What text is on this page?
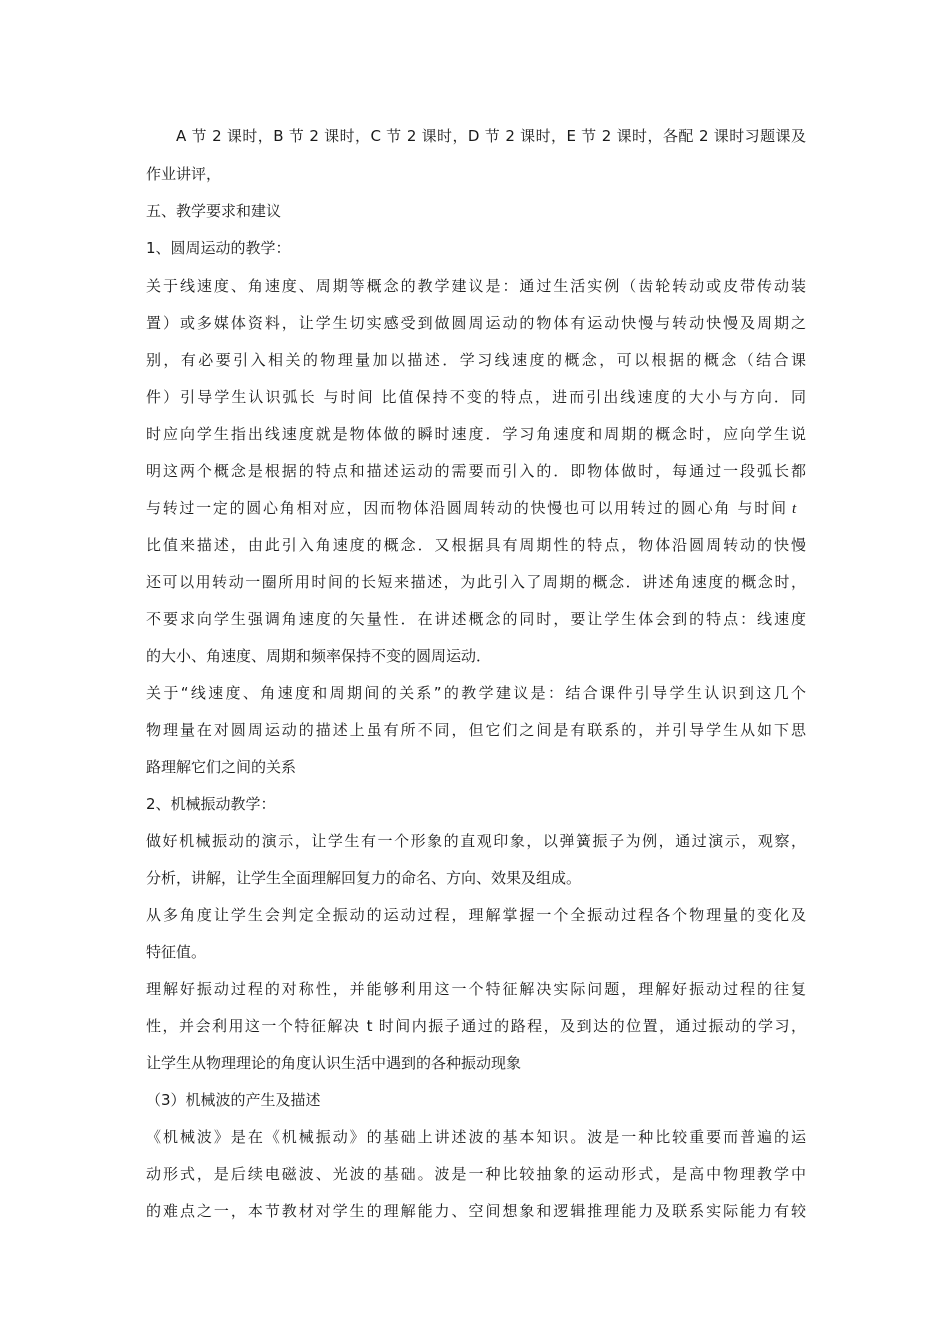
A 节 2 课时，B 节 2 课时，C 节 2 课时，D 节 2 课时，E 节 2 课时，各配 2 课时习题课及
作业讲评，
五、教学要求和建议
1、圆周运动的教学：
关于线速度、角速度、周期等概念的教学建议是：通过生活实例（齿轮转动或皮带传动装
置）或多媒体资料，让学生切实感受到做圆周运动的物体有运动快慢与转动快慢及周期之
别，有必要引入相关的物理量加以描述．学习线速度的概念，可以根据的概念（结合课
件）引导学生认识弧长 与时间 比值保持不变的特点，进而引出线速度的大小与方向．同
时应向学生指出线速度就是物体做的瞬时速度．学习角速度和周期的概念时，应向学生说
明这两个概念是根据的特点和描述运动的需要而引入的．即物体做时，每通过一段弧长都
与转过一定的圆心角相对应，因而物体沿圆周转动的快慢也可以用转过的圆心角 与时间 t
比值来描述，由此引入角速度的概念．又根据具有周期性的特点，物体沿圆周转动的快慢
还可以用转动一圈所用时间的长短来描述，为此引入了周期的概念．讲述角速度的概念时，
不要求向学生强调角速度的矢量性．在讲述概念的同时，要让学生体会到的特点：线速度
的大小、角速度、周期和频率保持不变的圆周运动．
关于“线速度、角速度和周期间的关系”的教学建议是：结合课件引导学生认识到这几个
物理量在对圆周运动的描述上虽有所不同，但它们之间是有联系的，并引导学生从如下思
路理解它们之间的关系
2、机械振动教学：
做好机械振动的演示，让学生有一个形象的直观印象，以弹簧振子为例，通过演示，观察，
分析，讲解，让学生全面理解回复力的命名、方向、效果及组成。
从多角度让学生会判定全振动的运动过程，理解掌握一个全振动过程各个物理量的变化及
特征值。
理解好振动过程的对称性，并能够利用这一个特征解决实际问题，理解好振动过程的往复
性，并会利用这一个特征解决 t 时间内振子通过的路程，及到达的位置，通过振动的学习，
让学生从物理理论的角度认识生活中遇到的各种振动现象
（3）机械波的产生及描述
《机械波》是在《机械振动》的基础上讲述波的基本知识。波是一种比较重要而普遍的运
动形式，是后续电磁波、光波的基础。波是一种比较抽象的运动形式，是高中物理教学中
的难点之一，本节教材对学生的理解能力、空间想象和逻辑推理能力及联系实际能力有较
